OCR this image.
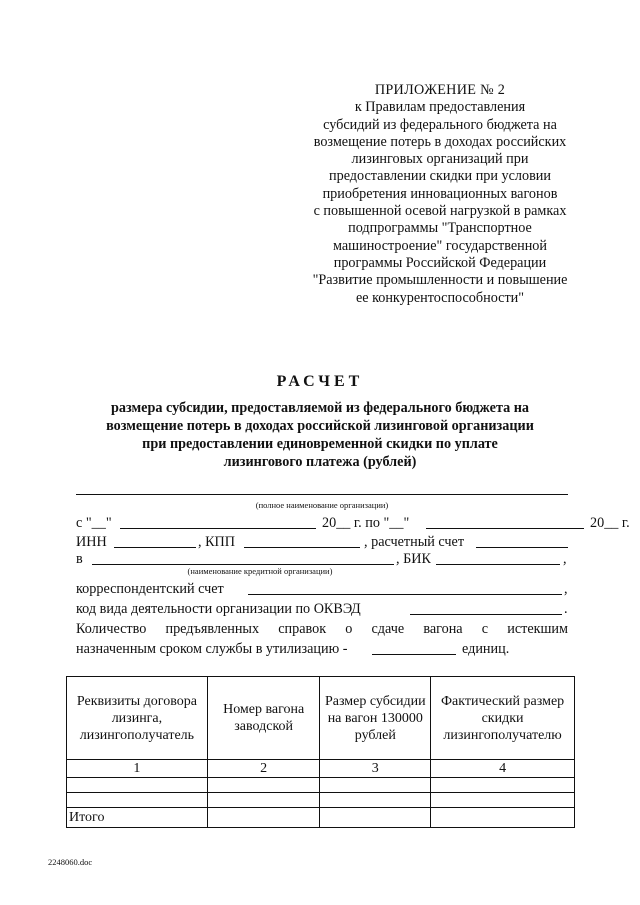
ПРИЛОЖЕНИЕ № 2
к Правилам предоставления
субсидий из федерального бюджета на
возмещение потерь в доходах российских
лизинговых организаций при
предоставлении скидки при условии
приобретения инновационных вагонов
с повышенной осевой нагрузкой в рамках
подпрограммы "Транспортное
машиностроение" государственной
программы Российской Федерации
"Развитие промышленности и повышение
ее конкурентоспособности"
РАСЧЕТ
размера субсидии, предоставляемой из федерального бюджета на
возмещение потерь в доходах российской лизинговой организации
при предоставлении единовременной скидки по уплате
лизингового платежа (рублей)
(полное наименование организации)
с "__"	20__ г. по "__"	20__ г.
ИНН	, КПП	, расчетный счет
в	, БИК	,
(наименование кредитной организации)
корреспондентский счет	,
код вида деятельности организации по ОКВЭД	.
Количество предъявленных справок о сдаче вагона с истекшим
назначенным сроком службы в утилизацию -	единиц.
Реквизиты договора лизинга, лизингополучатель	Номер вагона заводской	Размер субсидии на вагон 130000 рублей	Фактический размер скидки лизингополучателю
1	2	3	4

Итого			
2248060.doc
